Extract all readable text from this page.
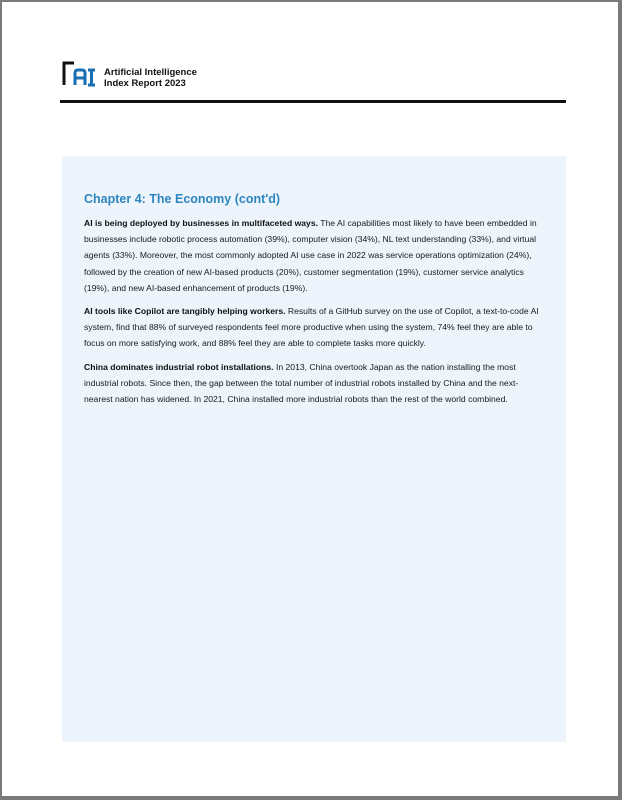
Artificial Intelligence
Index Report 2023
Chapter 4: The Economy (cont'd)

AI is being deployed by businesses in multifaceted ways. The AI capabilities most likely to have been embedded in businesses include robotic process automation (39%), computer vision (34%), NL text understanding (33%), and virtual agents (33%). Moreover, the most commonly adopted AI use case in 2022 was service operations optimization (24%), followed by the creation of new AI-based products (20%), customer segmentation (19%), customer service analytics (19%), and new AI-based enhancement of products (19%).

AI tools like Copilot are tangibly helping workers. Results of a GitHub survey on the use of Copilot, a text-to-code AI system, find that 88% of surveyed respondents feel more productive when using the system, 74% feel they are able to focus on more satisfying work, and 88% feel they are able to complete tasks more quickly.

China dominates industrial robot installations. In 2013, China overtook Japan as the nation installing the most industrial robots. Since then, the gap between the total number of industrial robots installed by China and the next-nearest nation has widened. In 2021, China installed more industrial robots than the rest of the world combined.
